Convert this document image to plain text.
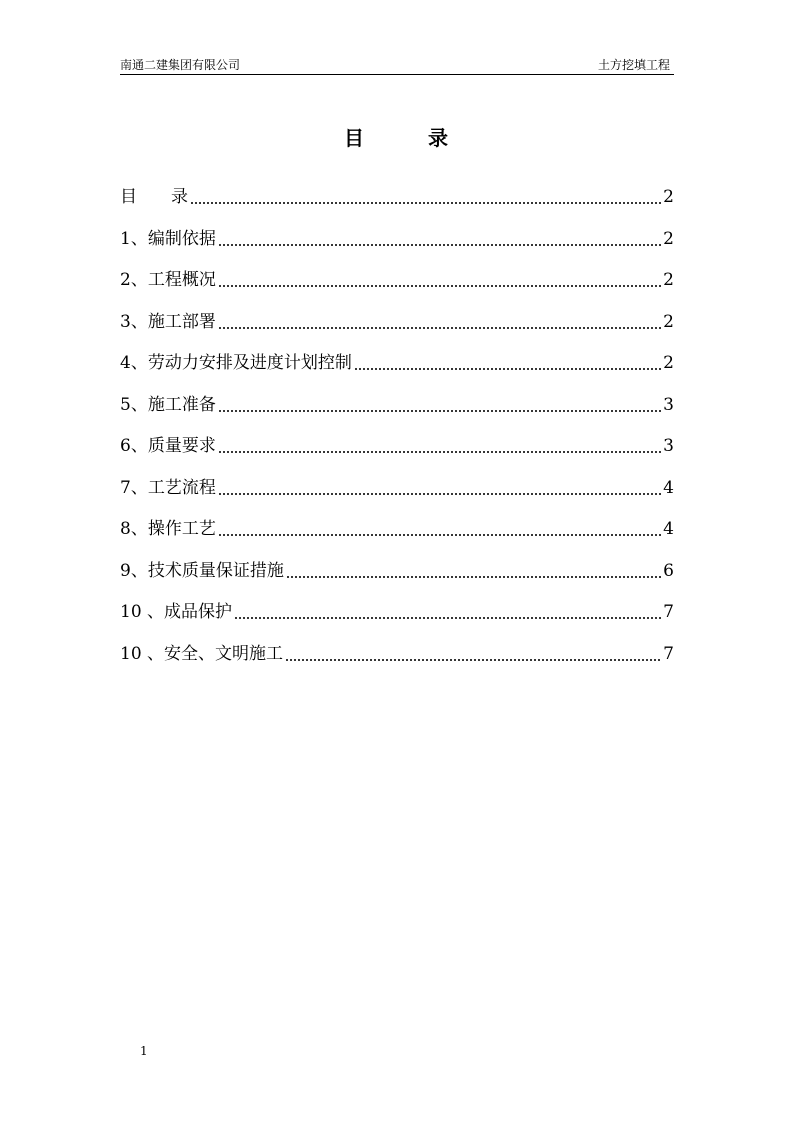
南通二建集团有限公司	土方挖填工程
目　　　录
目　　录	2
1、编制依据	2
2、工程概况	2
3、施工部署	2
4、劳动力安排及进度计划控制	2
5、施工准备	3
6、质量要求	3
7、工艺流程	4
8、操作工艺	4
9、技术质量保证措施	6
10 、成品保护	7
10 、安全、文明施工	7
1
